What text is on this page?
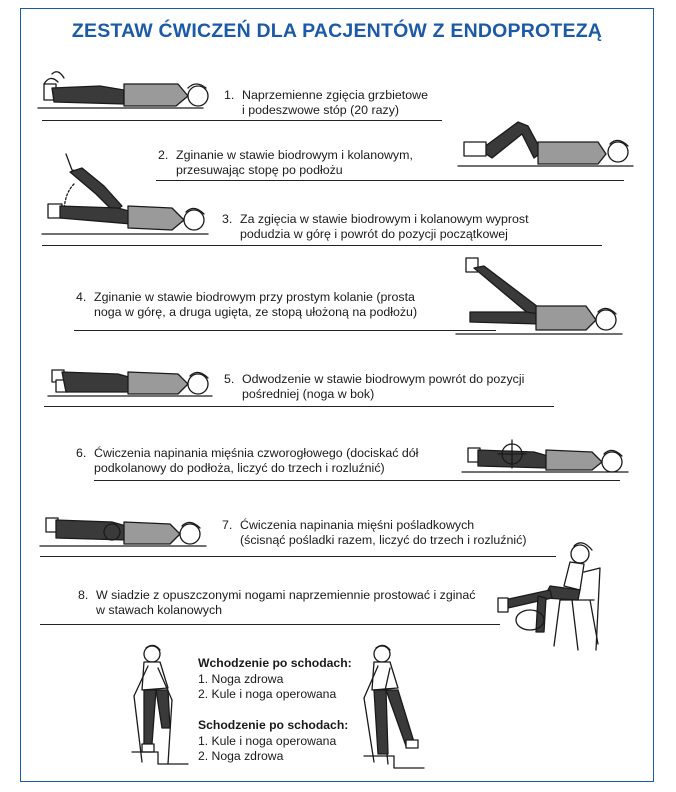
ZESTAW ĆWICZEŃ DLA PACJENTÓW Z ENDOPROTEZĄ
1. Naprzemienne zgięcia grzbietowe
i podeszwowe stóp (20 razy)
2. Zginanie w stawie biodrowym i kolanowym,
przesuwając stopę po podłożu
3. Za zgięcia w stawie biodrowym i kolanowym wyprost
podudzia w górę i powrót do pozycji początkowej
4. Zginanie w stawie biodrowym przy prostym kolanie (prosta
noga w górę, a druga ugięta, ze stopą ułożoną na podłożu)
5. Odwodzenie w stawie biodrowym powrót do pozycji
pośredniej (noga w bok)
6. Ćwiczenia napinania mięśnia czworogłowego (dociskać dół
podkolanowy do podłoża, liczyć do trzech i rozluźnić)
7. Ćwiczenia napinania mięśni pośladkowych
(ścisnąć pośladki razem, liczyć do trzech i rozluźnić)
8. W siadzie z opuszczonymi nogami naprzemiennie prostować i zginać
w stawach kolanowych
Wchodzenie po schodach:
1. Noga zdrowa
2. Kule i noga operowana
Schodzenie po schodach:
1. Kule i noga operowana
2. Noga zdrowa
